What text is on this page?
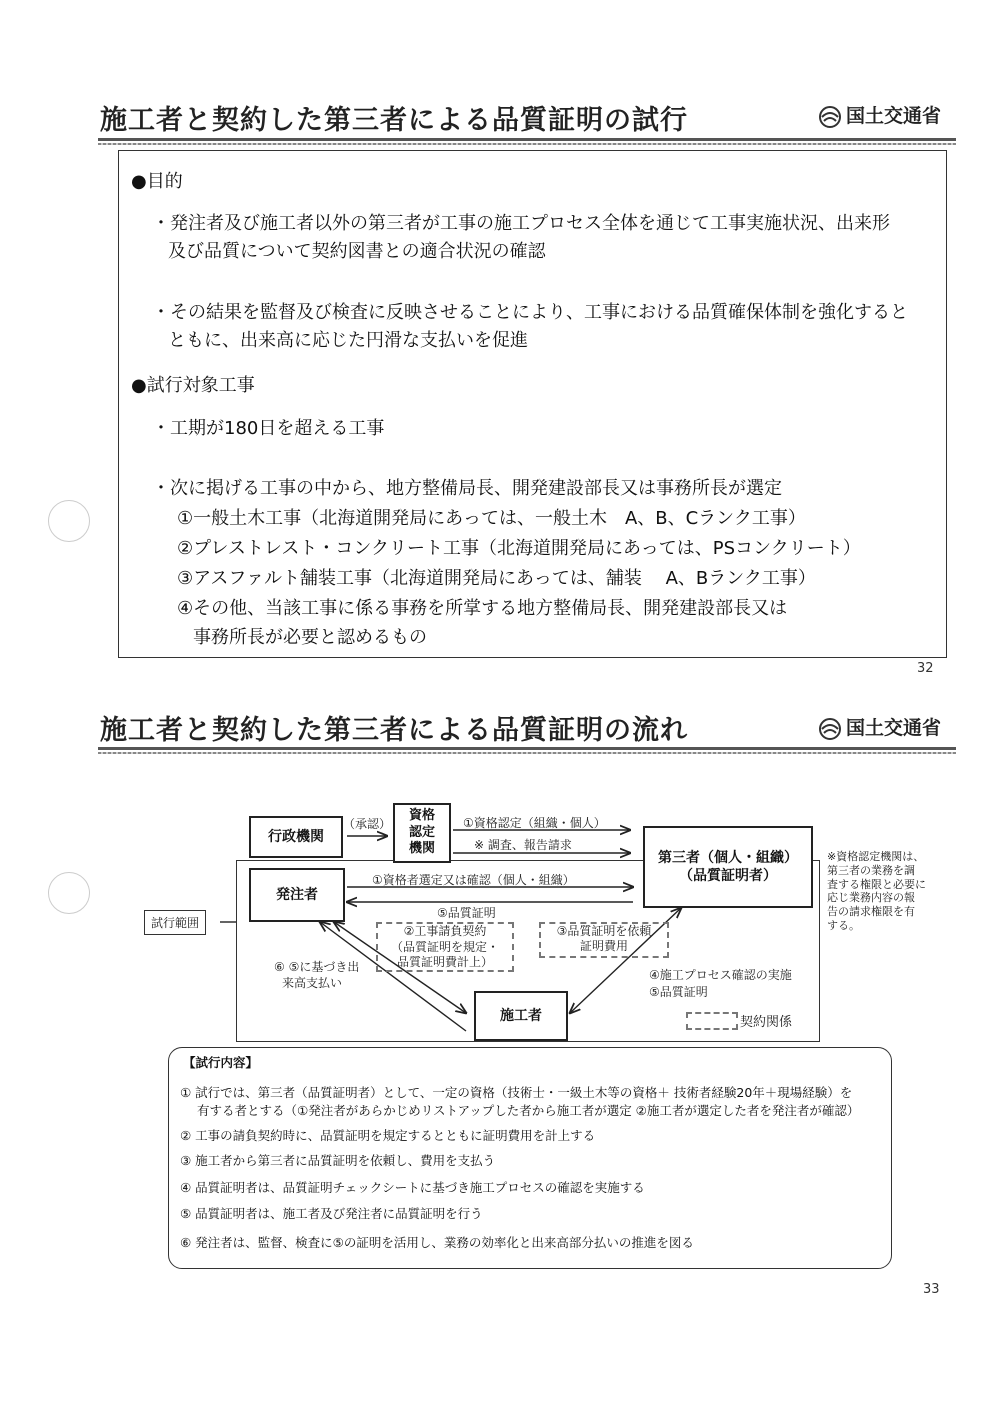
施工者と契約した第三者による品質証明の試行	国土交通省
●目的
・発注者及び施工者以外の第三者が工事の施工プロセス全体を通じて工事実施状況、出来形
及び品質について契約図書との適合状況の確認
・その結果を監督及び検査に反映させることにより、工事における品質確保体制を強化すると
ともに、出来高に応じた円滑な支払いを促進
●試行対象工事
・工期が180日を超える工事
・次に掲げる工事の中から、地方整備局長、開発建設部長又は事務所長が選定
①一般土木工事（北海道開発局にあっては、一般土木　A、B、Cランク工事）
②プレストレスト・コンクリート工事（北海道開発局にあっては、PSコンクリート）
③アスファルト舗装工事（北海道開発局にあっては、舗装　 A、Bランク工事）
④その他、当該工事に係る事務を所掌する地方整備局長、開発建設部長又は
事務所長が必要と認めるもの
32
施工者と契約した第三者による品質証明の流れ	国土交通省
行政機関
資格
認定
機関
第三者（個人・組織）
（品質証明者）
発注者
施工者
試行範囲
（承認）	①資格認定（組織・個人）
※ 調査、報告請求
①資格者選定又は確認（個人・組織）
⑤品質証明
②工事請負契約
（品質証明を規定・
品質証明費計上）
③品質証明を依頼
証明費用
⑥ ⑤に基づき出
来高支払い
④施工プロセス確認の実施
⑤品質証明
契約関係
※資格認定機関は、
第三者の業務を調
査する権限と必要に
応じ業務内容の報
告の請求権限を有
する。
【試行内容】
① 試行では、第三者（品質証明者）として、一定の資格（技術士・一級土木等の資格＋ 技術者経験20年＋現場経験）を
有する者とする（①発注者があらかじめリストアップした者から施工者が選定 ②施工者が選定した者を発注者が確認）
② 工事の請負契約時に、品質証明を規定するとともに証明費用を計上する
③ 施工者から第三者に品質証明を依頼し、費用を支払う
④ 品質証明者は、品質証明チェックシートに基づき施工プロセスの確認を実施する
⑤ 品質証明者は、施工者及び発注者に品質証明を行う
⑥ 発注者は、監督、検査に⑤の証明を活用し、業務の効率化と出来高部分払いの推進を図る
33
